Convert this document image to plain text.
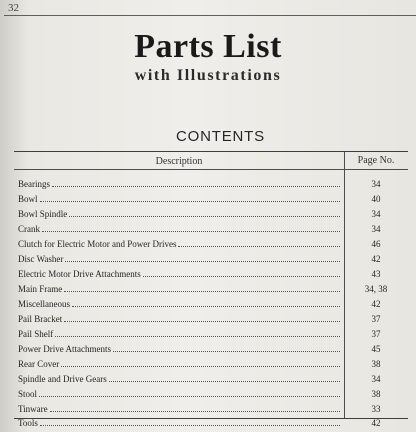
32
Parts List
with Illustrations
CONTENTS
Description	Page No.
Bearings	34
Bowl	40
Bowl Spindle	34
Crank	34
Clutch for Electric Motor and Power Drives	46
Disc Washer	42
Electric Motor Drive Attachments	43
Main Frame	34, 38
Miscellaneous	42
Pail Bracket	37
Pail Shelf	37
Power Drive Attachments	45
Rear Cover	38
Spindle and Drive Gears	34
Stool	38
Tinware	33
Tools	42
